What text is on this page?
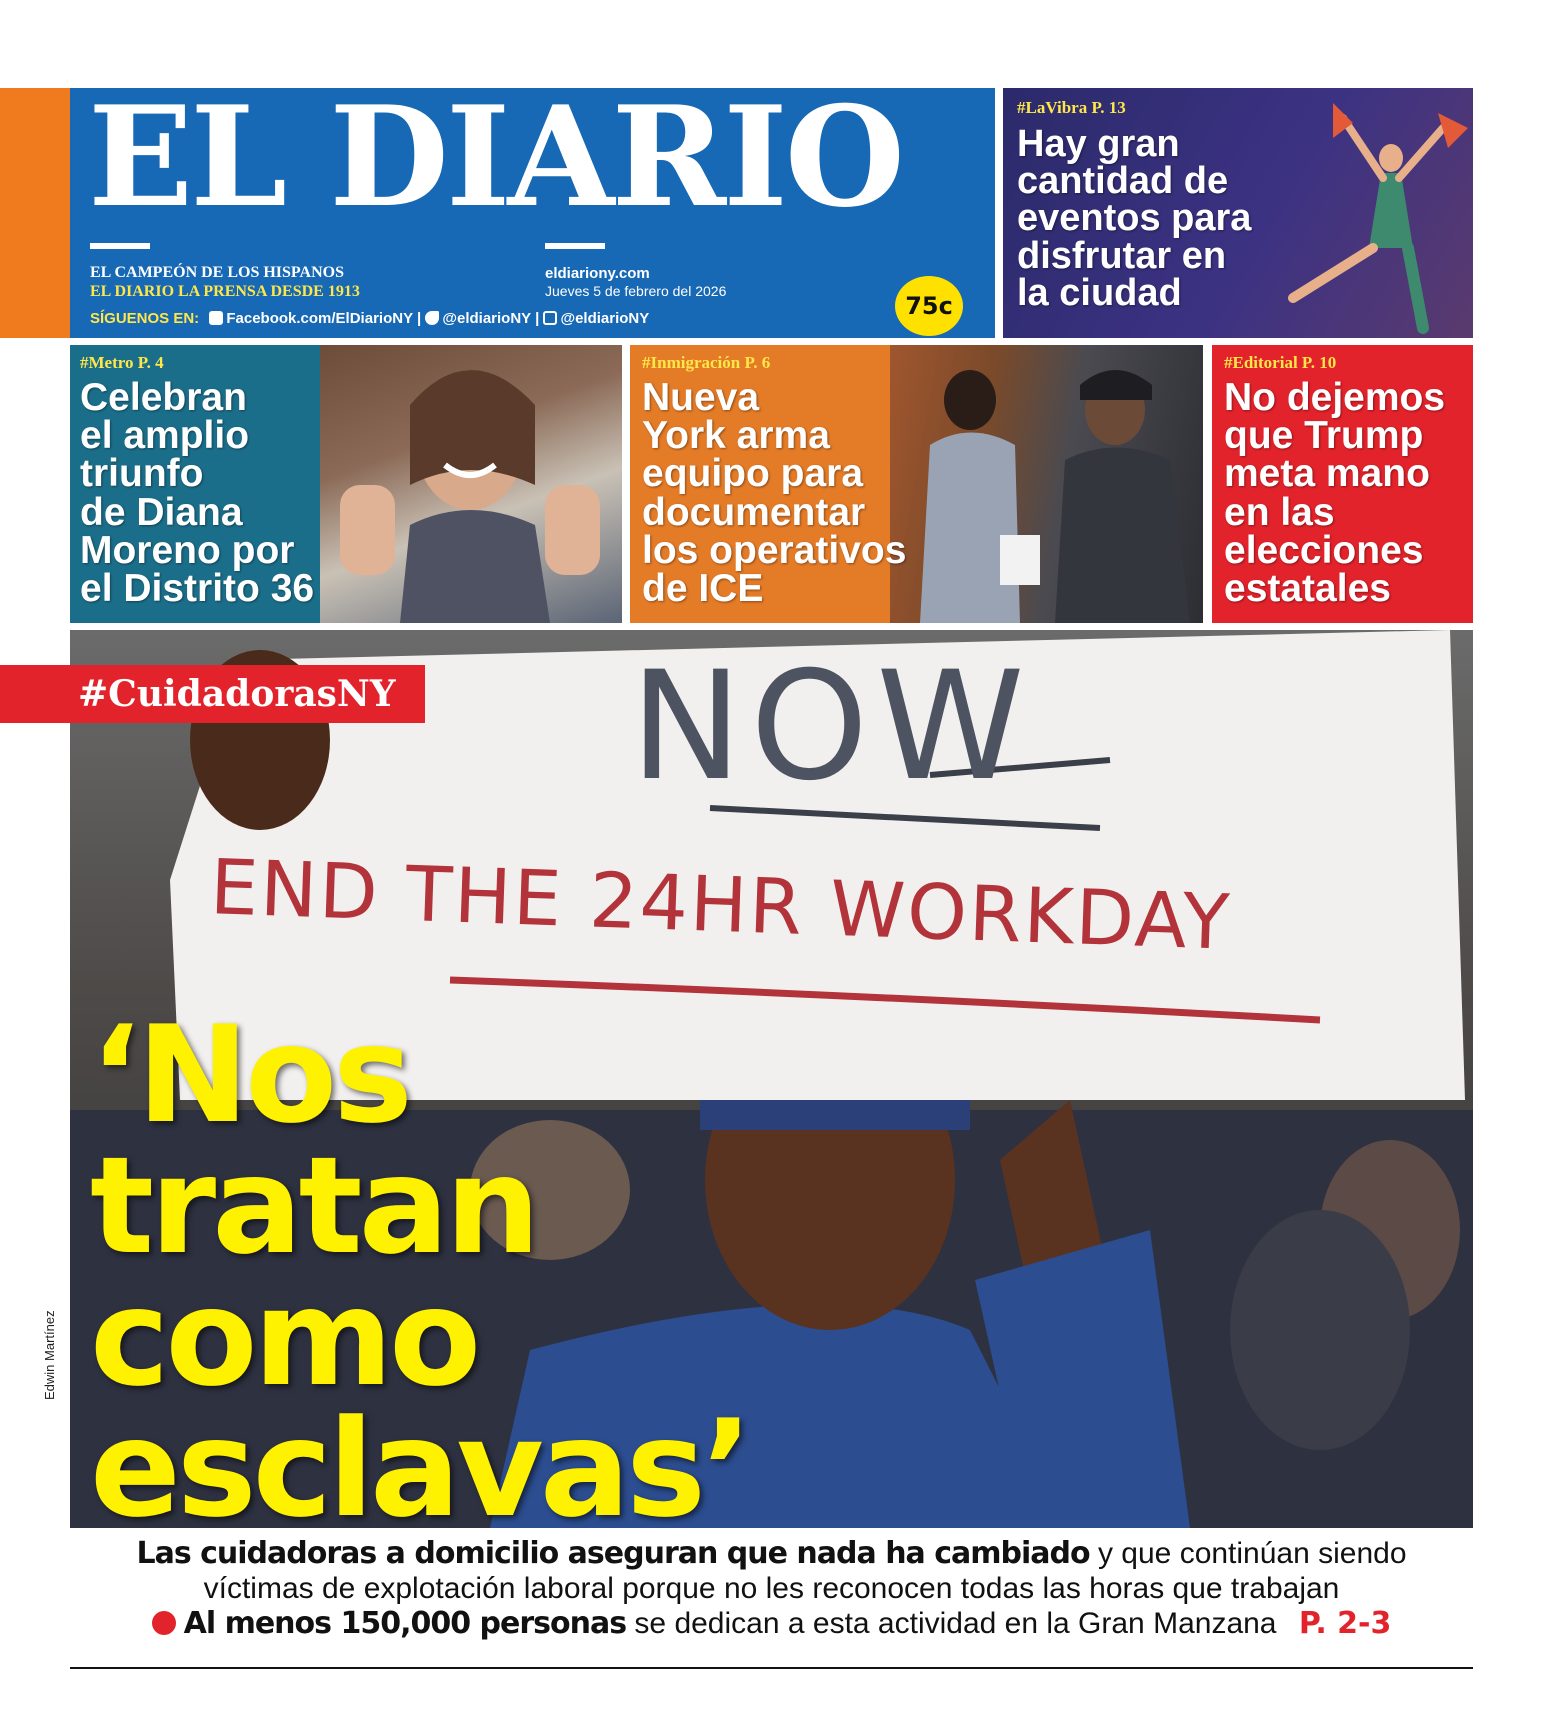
EL DIARIO
EL CAMPEÓN DE LOS HISPANOS
EL DIARIO LA PRENSA DESDE 1913
SÍGUENOS EN: Facebook.com/ElDiarioNY | @eldiarioNY | @eldiarioNY
eldiariony.com
Jueves 5 de febrero del 2026
75c
#LaVibra P. 13
Hay gran
cantidad de
eventos para
disfrutar en
la ciudad
#Metro P. 4
Celebran
el amplio
triunfo
de Diana
Moreno por
el Distrito 36
#Inmigración P. 6
Nueva
York arma
equipo para
documentar
los operativos
de ICE
#Editorial P. 10
No dejemos
que Trump
meta mano
en las
elecciones
estatales
NOW
END THE 24HR WORKDAY
#CuidadorasNY
‘Nos
tratan
como
esclavas’
Edwin Martínez
Las cuidadoras a domicilio aseguran que nada ha cambiado y que continúan siendo
víctimas de explotación laboral porque no les reconocen todas las horas que trabajan
Al menos 150,000 personas se dedican a esta actividad en la Gran Manzana P. 2-3
